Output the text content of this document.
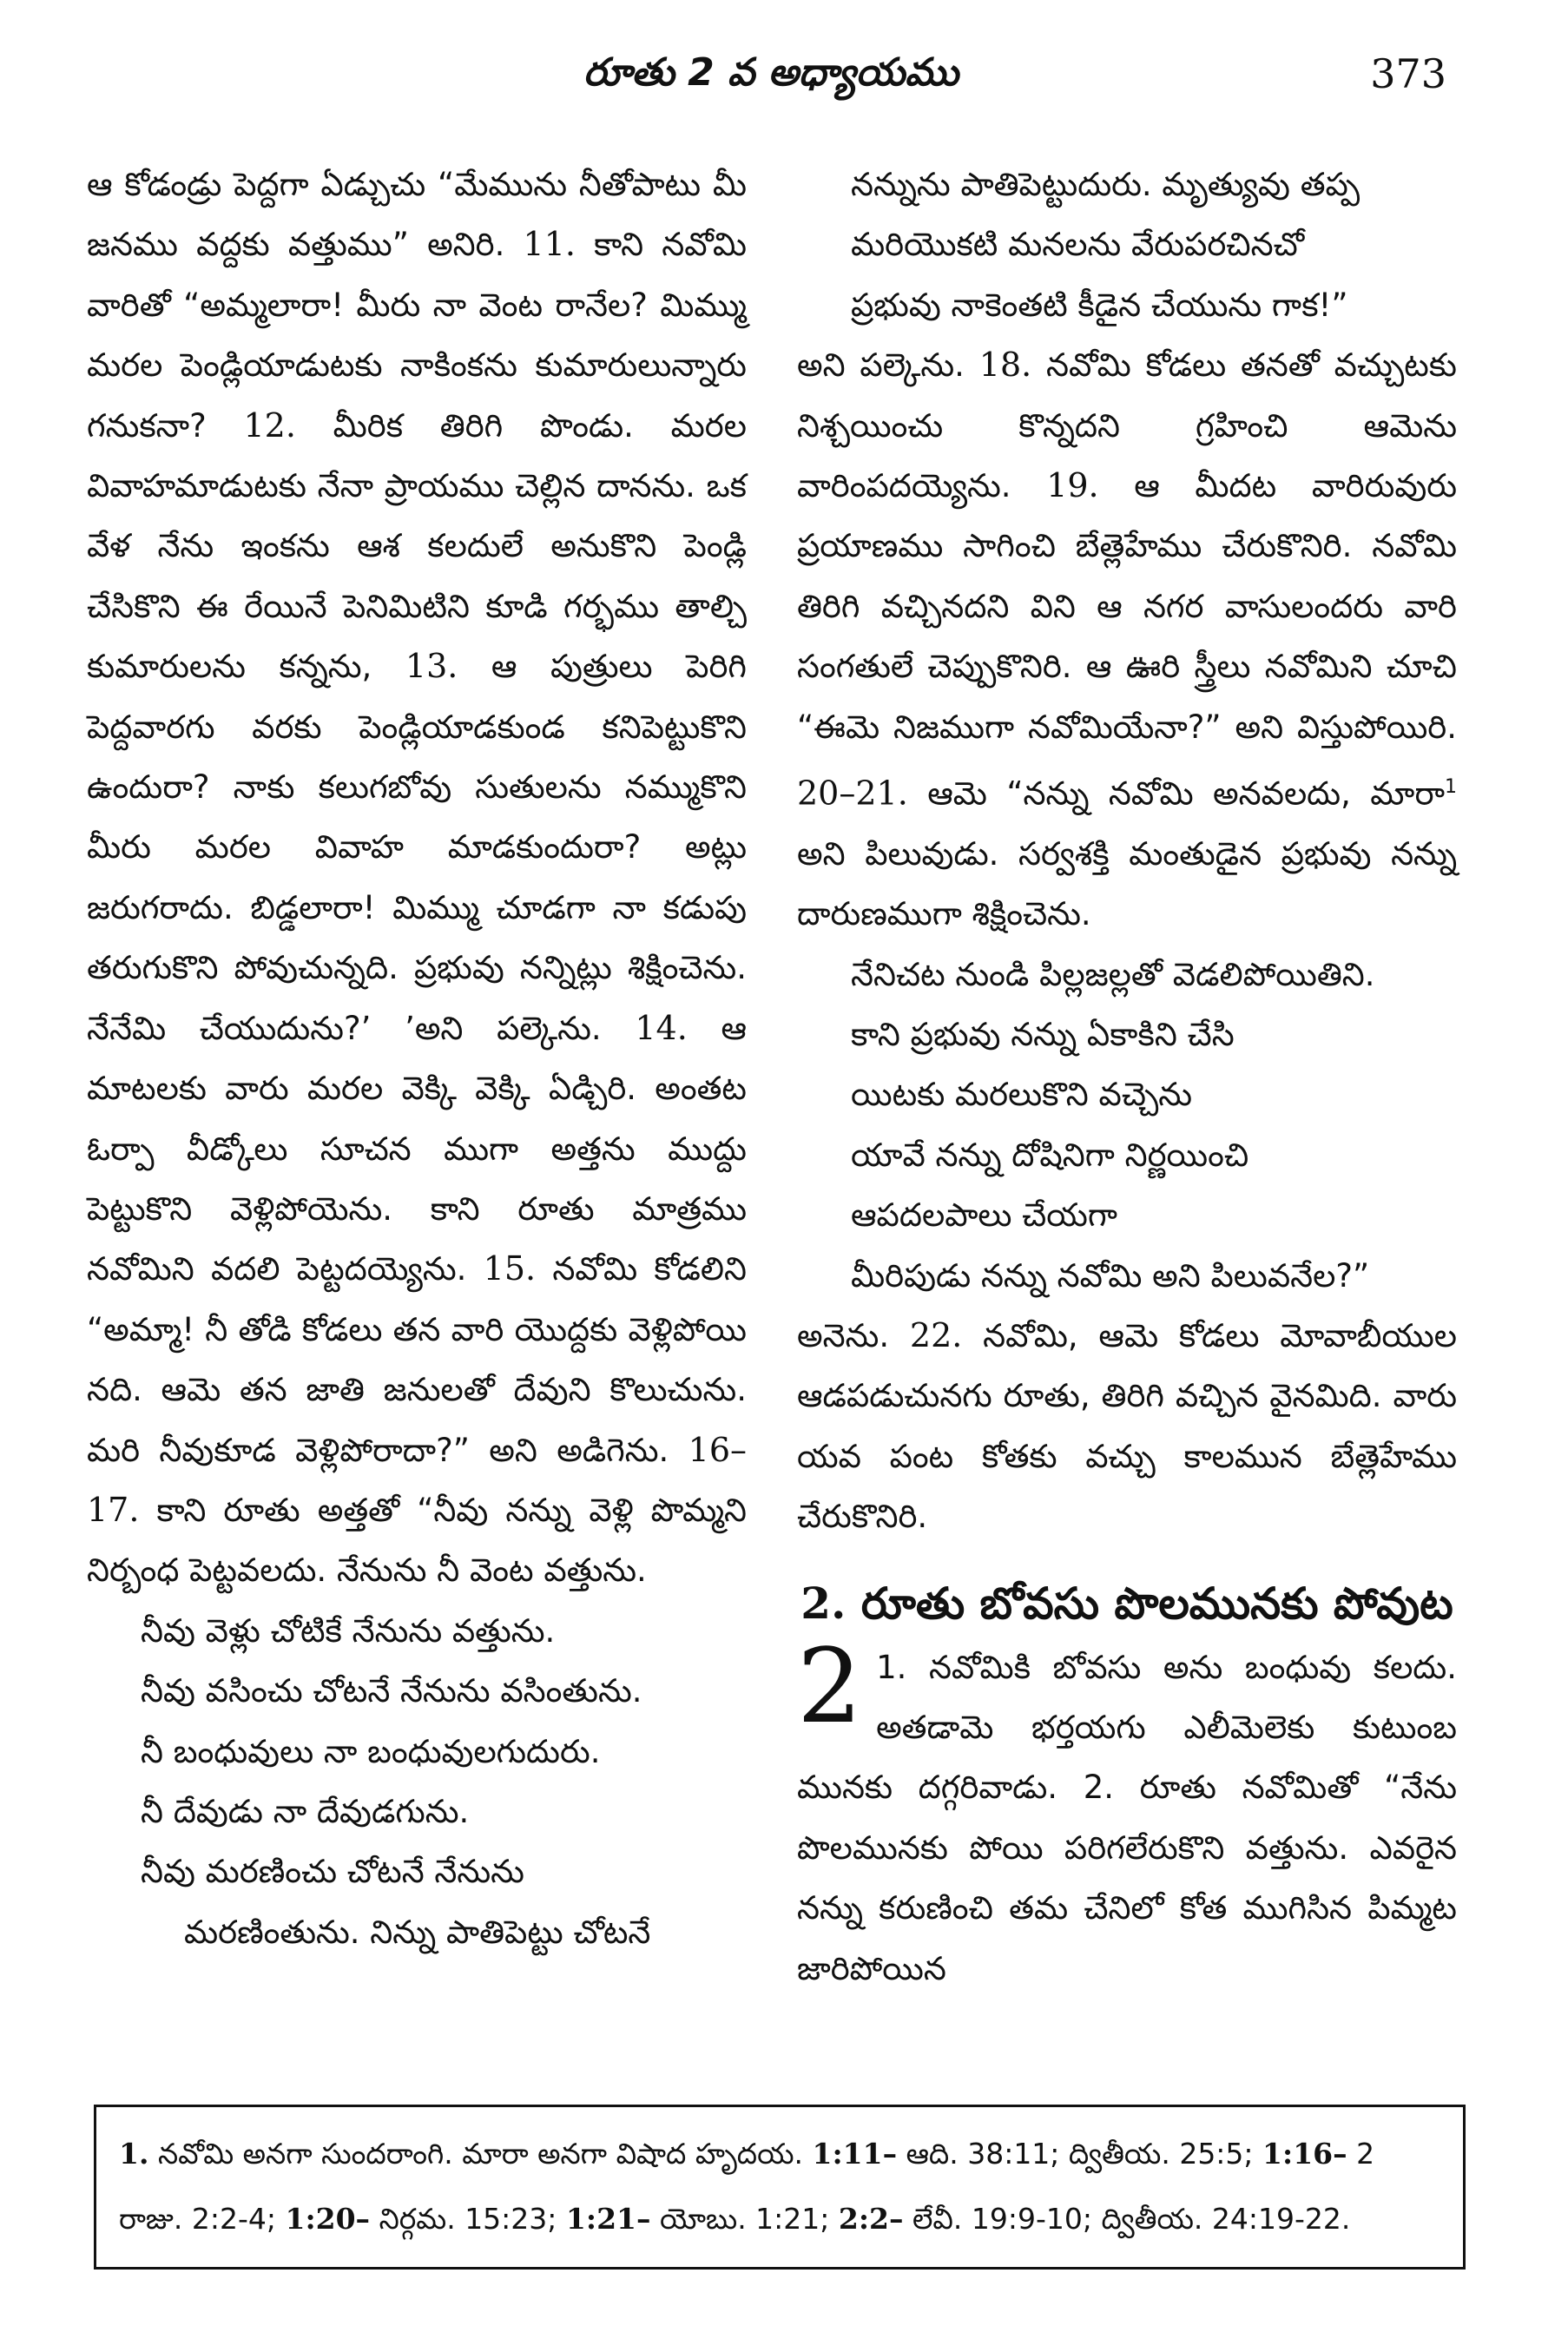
రూతు 2 వ అధ్యాయము	373

ఆ కోడండ్రు పెద్దగా ఏడ్చుచు “మేమును నీతోపాటు మీ జనము వద్దకు వత్తుము” అనిరి. 11. కాని నవోమి వారితో “అమ్మలారా! మీరు నా వెంట రానేల? మిమ్ము మరల పెండ్లియాడుటకు నాకింకను కుమారులున్నారు గనుకనా? 12. మీరిక తిరిగి పొండు. మరల వివాహమాడుటకు నేనా ప్రాయము చెల్లిన దానను. ఒక వేళ నేను ఇంకను ఆశ కలదులే అనుకొని పెండ్లి చేసికొని ఈ రేయినే పెనిమిటిని కూడి గర్భము తాల్చి కుమారులను కన్నను, 13. ఆ పుత్రులు పెరిగి పెద్దవారగు వరకు పెండ్లియాడకుండ కనిపెట్టుకొని ఉందురా? నాకు కలుగబోవు సుతులను నమ్ముకొని మీరు మరల వివాహ మాడకుందురా? అట్లు జరుగరాదు. బిడ్డలారా! మిమ్ము చూడగా నా కడుపు తరుగుకొని పోవుచున్నది. ప్రభువు నన్నిట్లు శిక్షించెను. నేనేమి చేయుదును?’ ’అని పల్కెను. 14. ఆ మాటలకు వారు మరల వెక్కి వెక్కి ఏడ్చిరి. అంతట ఓర్పా వీడ్కోలు సూచన ముగా అత్తను ముద్దు పెట్టుకొని వెళ్లిపోయెను. కాని రూతు మాత్రము నవోమిని వదలి పెట్టదయ్యెను. 15. నవోమి కోడలిని “అమ్మా! నీ తోడి కోడలు తన వారి యొద్దకు వెళ్లిపోయి నది. ఆమె తన జాతి జనులతో దేవుని కొలుచును. మరి నీవుకూడ వెళ్లిపోరాదా?” అని అడిగెను. 16–17. కాని రూతు అత్తతో “నీవు నన్ను వెళ్లి పొమ్మని నిర్బంధ పెట్టవలదు. నేనును నీ వెంట వత్తును.

నీవు వెళ్లు చోటికే నేనును వత్తును.

నీవు వసించు చోటనే నేనును వసింతును.

నీ బంధువులు నా బంధువులగుదురు.

నీ దేవుడు నా దేవుడగును.

నీవు మరణించు చోటనే నేనును

మరణింతును. నిన్ను పాతిపెట్టు చోటనే

నన్నును పాతిపెట్టుదురు. మృత్యువు తప్ప

మరియొకటి మనలను వేరుపరచినచో

ప్రభువు నాకెంతటి కీడైన చేయును గాక!”

అని పల్కెను. 18. నవోమి కోడలు తనతో వచ్చుటకు నిశ్చయించు కొన్నదని గ్రహించి ఆమెను వారింపదయ్యెను. 19. ఆ మీదట వారిరువురు ప్రయాణము సాగించి బేత్లెహేము చేరుకొనిరి. నవోమి తిరిగి వచ్చినదని విని ఆ నగర వాసులందరు వారి సంగతులే చెప్పుకొనిరి. ఆ ఊరి స్త్రీలు నవోమిని చూచి “ఈమె నిజముగా నవోమియేనా?” అని విస్తుపోయిరి. 20–21. ఆమె “నన్ను నవోమి అనవలదు, మారా$^1$ అని పిలువుడు. సర్వశక్తి మంతుడైన ప్రభువు నన్ను దారుణముగా శిక్షించెను.

నేనిచట నుండి పిల్లజల్లతో వెడలిపోయితిని.

కాని ప్రభువు నన్ను ఏకాకిని చేసి

యిటకు మరలుకొని వచ్చెను

యావే నన్ను దోషినిగా నిర్ణయించి

ఆపదలపాలు చేయగా

మీరిపుడు నన్ను నవోమి అని పిలువనేల?”

అనెను. 22. నవోమి, ఆమె కోడలు మోవాబీయుల ఆడపడుచునగు రూతు, తిరిగి వచ్చిన వైనమిది. వారు యవ పంట కోతకు వచ్చు కాలమున బేత్లెహేము చేరుకొనిరి.

2. రూతు బోవసు పొలమునకు పోవుట

2 1. నవోమికి బోవసు అను బంధువు కలదు. అతడామె భర్తయగు ఎలీమెలెకు కుటుంబ మునకు దగ్గరివాడు. 2. రూతు నవోమితో “నేను పొలమునకు పోయి పరిగలేరుకొని వత్తును. ఎవరైన నన్ను కరుణించి తమ చేనిలో కోత ముగిసిన పిమ్మట జారిపోయిన

1. నవోమి అనగా సుందరాంగి. మారా అనగా విషాద హృదయ. 1:11– ఆది. 38:11; ద్వితీయ. 25:5; 1:16– 2 రాజు. 2:2-4; 1:20– నిర్గమ. 15:23; 1:21– యోబు. 1:21; 2:2– లేవీ. 19:9-10; ద్వితీయ. 24:19-22.
